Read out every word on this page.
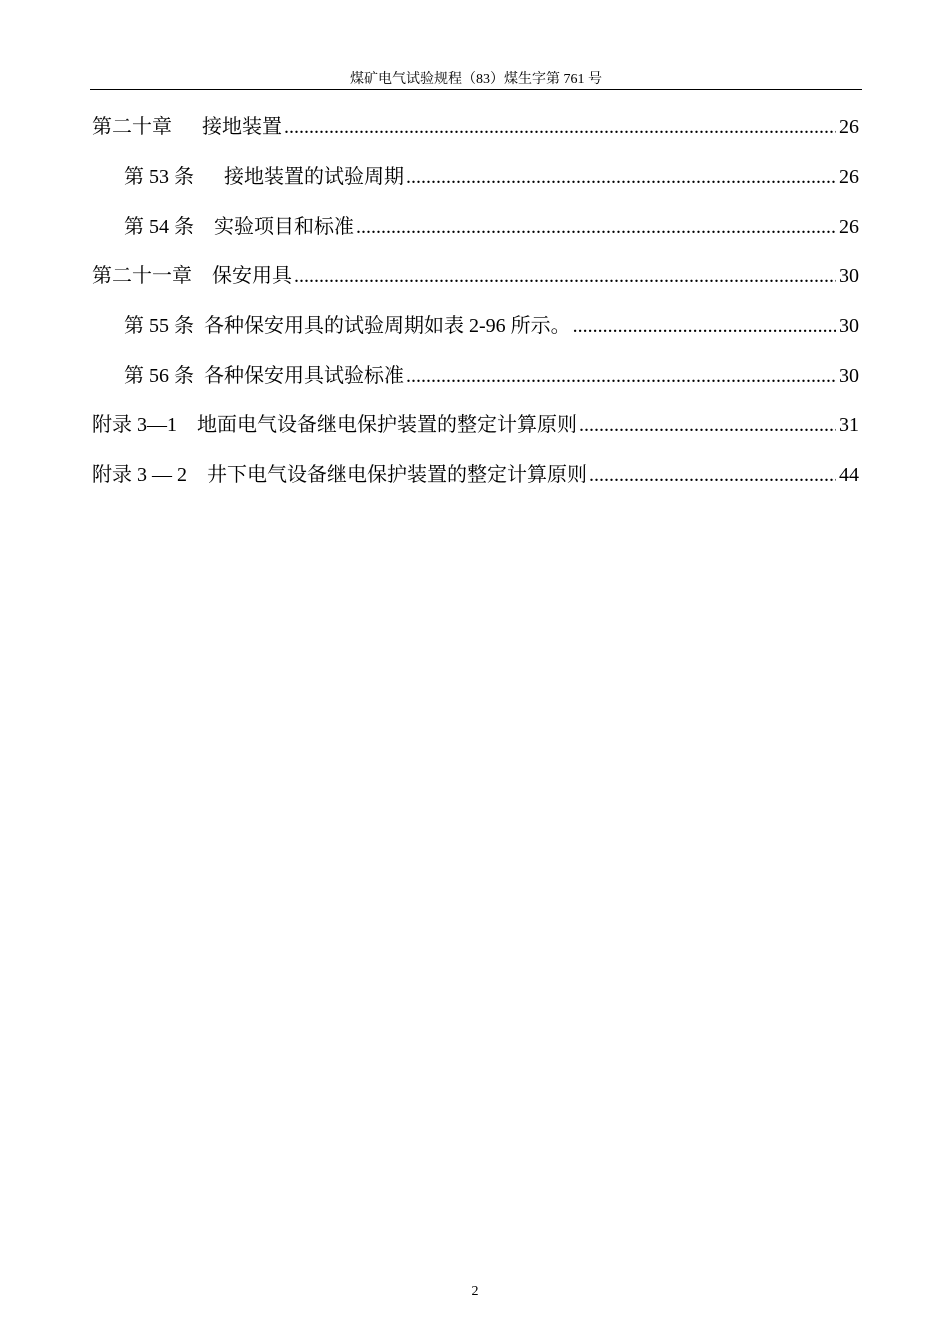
煤矿电气试验规程（83）煤生字第 761 号
第二十章      接地装置 .....	26
第 53 条      接地装置的试验周期 .....	26
第 54 条    实验项目和标准 .....	26
第二十一章    保安用具 .....	30
第 55 条  各种保安用具的试验周期如表 2-96 所示。 .....	30
第 56 条  各种保安用具试验标准 .....	30
附录 3—1    地面电气设备继电保护装置的整定计算原则 .....	31
附录 3 — 2    井下电气设备继电保护装置的整定计算原则 .....	44
2
